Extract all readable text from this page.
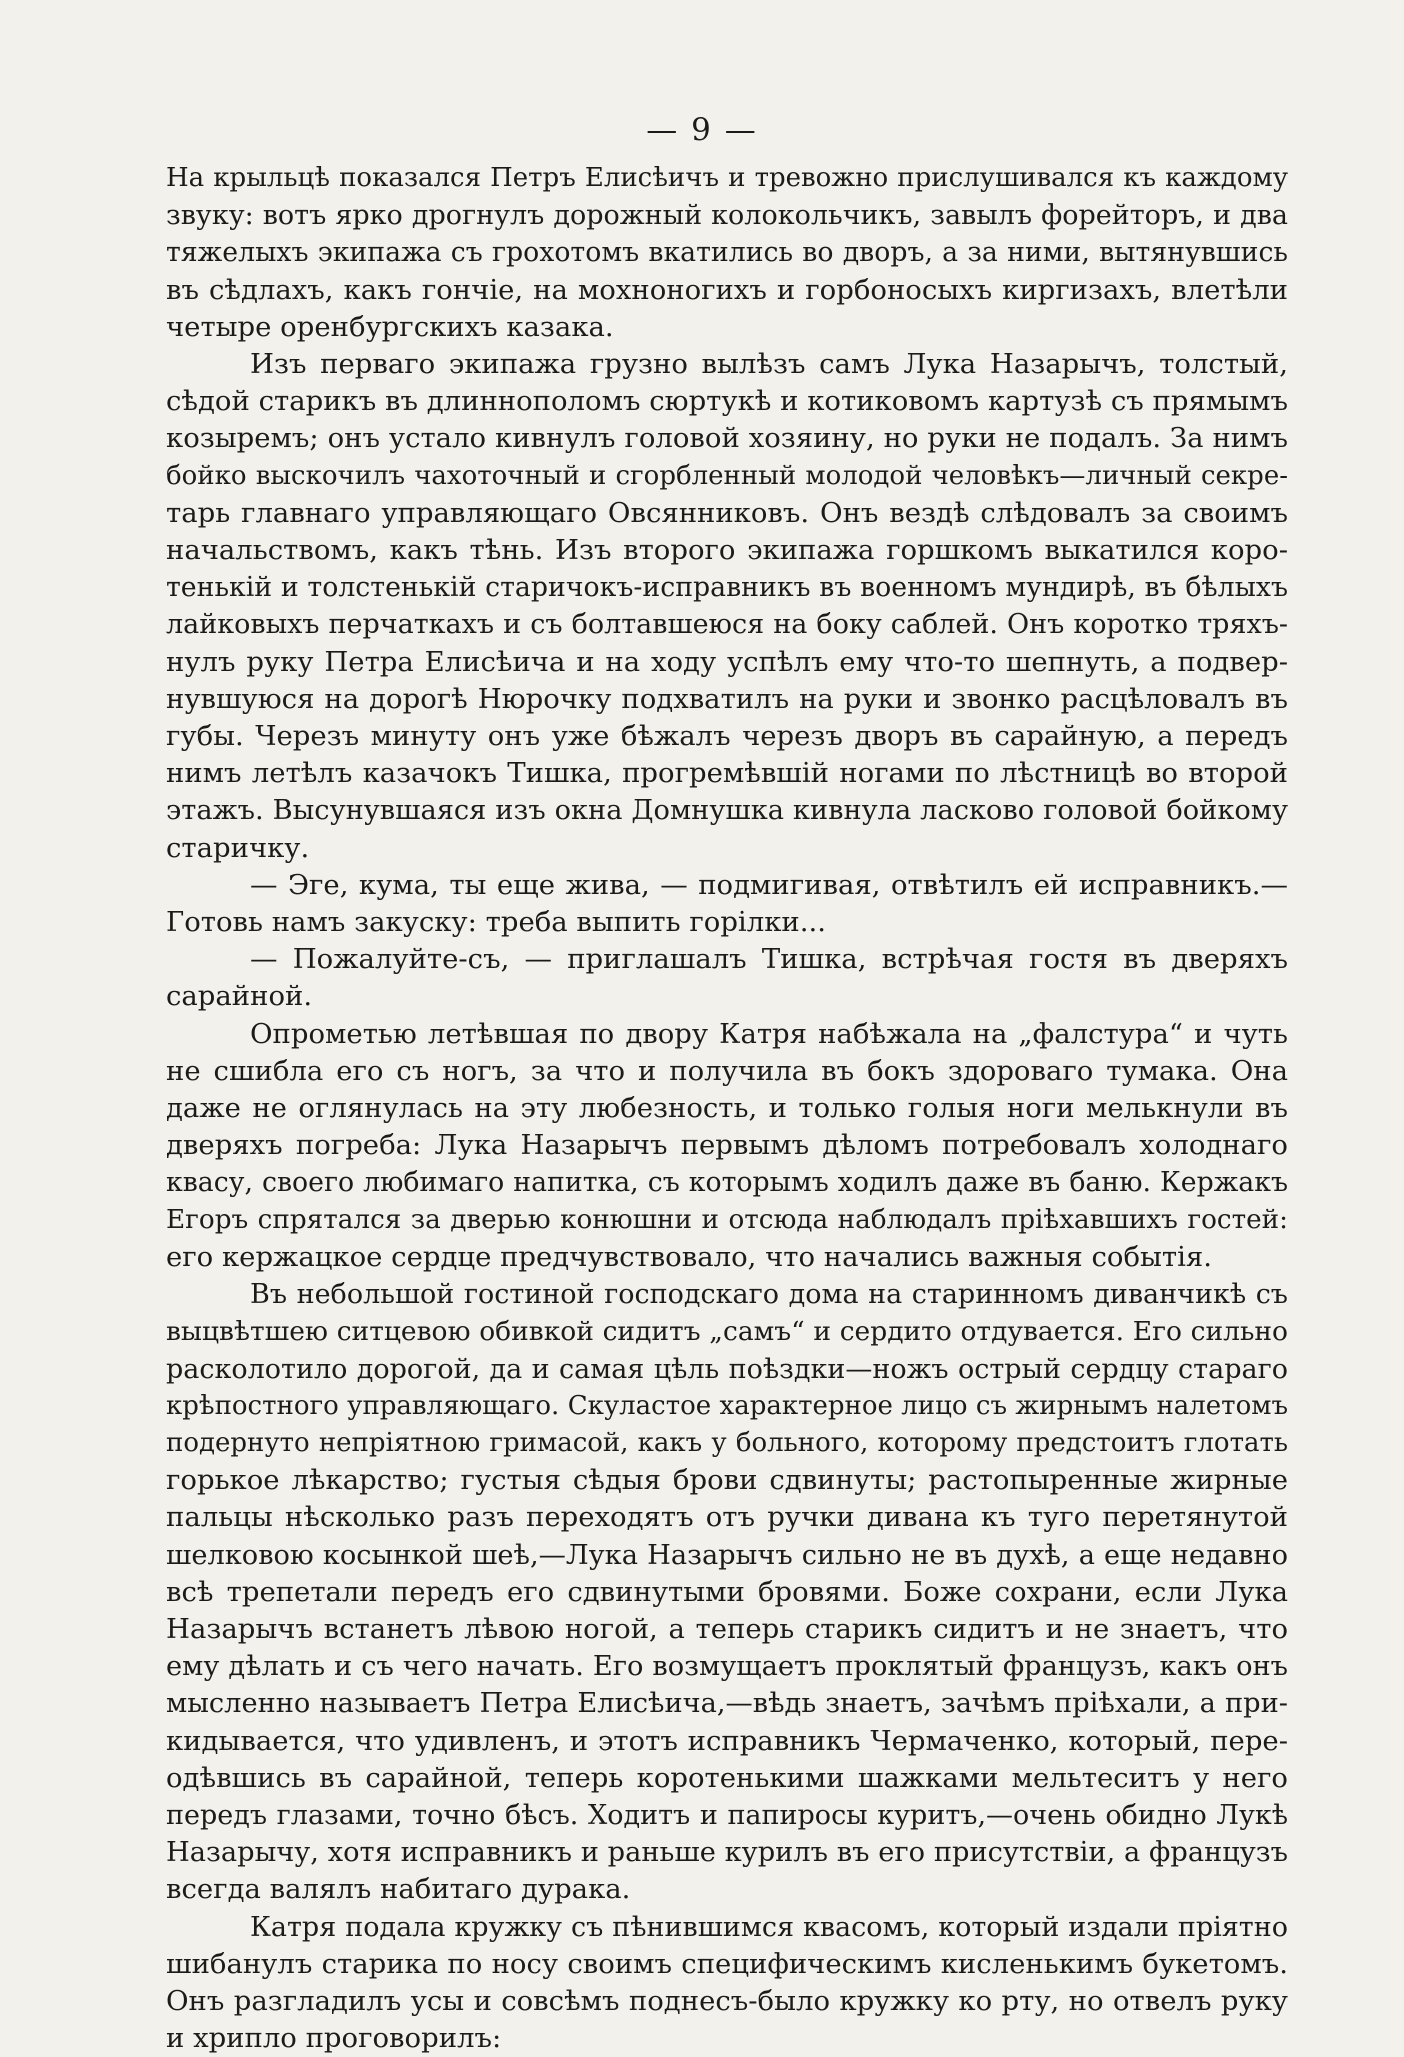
— 9 —

На крыльцѣ показался Петръ Елисѣичъ и тревожно прислушивался къ каждому

звуку: вотъ ярко дрогнулъ дорожный колокольчикъ, завылъ форейторъ, и два

тяжелыхъ экипажа съ грохотомъ вкатились во дворъ, а за ними, вытянувшись

въ сѣдлахъ, какъ гончіе, на мохноногихъ и горбоносыхъ киргизахъ, влетѣли

четыре оренбургскихъ казака.

Изъ перваго экипажа грузно вылѣзъ самъ Лука Назарычъ, толстый,

сѣдой старикъ въ длиннополомъ сюртукѣ и котиковомъ картузѣ съ прямымъ

козыремъ; онъ устало кивнулъ головой хозяину, но руки не подалъ. За нимъ

бойко выскочилъ чахоточный и сгорбленный молодой человѣкъ—личный секре-

тарь главнаго управляющаго Овсянниковъ. Онъ вездѣ слѣдовалъ за своимъ

начальствомъ, какъ тѣнь. Изъ второго экипажа горшкомъ выкатился коро-

тенькій и толстенькій старичокъ-исправникъ въ военномъ мундирѣ, въ бѣлыхъ

лайковыхъ перчаткахъ и съ болтавшеюся на боку саблей. Онъ коротко тряхъ-

нулъ руку Петра Елисѣича и на ходу успѣлъ ему что-то шепнуть, а подвер-

нувшуюся на дорогѣ Нюрочку подхватилъ на руки и звонко расцѣловалъ въ

губы. Черезъ минуту онъ уже бѣжалъ черезъ дворъ въ сарайную, а передъ

нимъ летѣлъ казачокъ Тишка, прогремѣвшій ногами по лѣстницѣ во второй

этажъ. Высунувшаяся изъ окна Домнушка кивнула ласково головой бойкому

старичку.

— Эге, кума, ты еще жива, — подмигивая, отвѣтилъ ей исправникъ.—

Готовь намъ закуску: треба выпить горілки...

— Пожалуйте-съ, — приглашалъ Тишка, встрѣчая гостя въ дверяхъ

сарайной.

Опрометью летѣвшая по двору Катря набѣжала на „фалстура“ и чуть

не сшибла его съ ногъ, за что и получила въ бокъ здороваго тумака. Она

даже не оглянулась на эту любезность, и только голыя ноги мелькнули въ

дверяхъ погреба: Лука Назарычъ первымъ дѣломъ потребовалъ холоднаго

квасу, своего любимаго напитка, съ которымъ ходилъ даже въ баню. Кержакъ

Егоръ спрятался за дверью конюшни и отсюда наблюдалъ пріѣхавшихъ гостей:

его кержацкое сердце предчувствовало, что начались важныя событія.

Въ небольшой гостиной господскаго дома на старинномъ диванчикѣ съ

выцвѣтшею ситцевою обивкой сидитъ „самъ“ и сердито отдувается. Его сильно

расколотило дорогой, да и самая цѣль поѣздки—ножъ острый сердцу стараго

крѣпостного управляющаго. Скуластое характерное лицо съ жирнымъ налетомъ

подернуто непріятною гримасой, какъ у больного, которому предстоитъ глотать

горькое лѣкарство; густыя сѣдыя брови сдвинуты; растопыренные жирные

пальцы нѣсколько разъ переходятъ отъ ручки дивана къ туго перетянутой

шелковою косынкой шеѣ,—Лука Назарычъ сильно не въ духѣ, а еще недавно

всѣ трепетали передъ его сдвинутыми бровями. Боже сохрани, если Лука

Назарычъ встанетъ лѣвою ногой, а теперь старикъ сидитъ и не знаетъ, что

ему дѣлать и съ чего начать. Его возмущаетъ проклятый французъ, какъ онъ

мысленно называетъ Петра Елисѣича,—вѣдь знаетъ, зачѣмъ пріѣхали, а при-

кидывается, что удивленъ, и этотъ исправникъ Чермаченко, который, пере-

одѣвшись въ сарайной, теперь коротенькими шажками мельтеситъ у него

передъ глазами, точно бѣсъ. Ходитъ и папиросы куритъ,—очень обидно Лукѣ

Назарычу, хотя исправникъ и раньше курилъ въ его присутствіи, а французъ

всегда валялъ набитаго дурака.

Катря подала кружку съ пѣнившимся квасомъ, который издали пріятно

шибанулъ старика по носу своимъ специфическимъ кисленькимъ букетомъ.

Онъ разгладилъ усы и совсѣмъ поднесъ-было кружку ко рту, но отвелъ руку

и хрипло проговорилъ:
